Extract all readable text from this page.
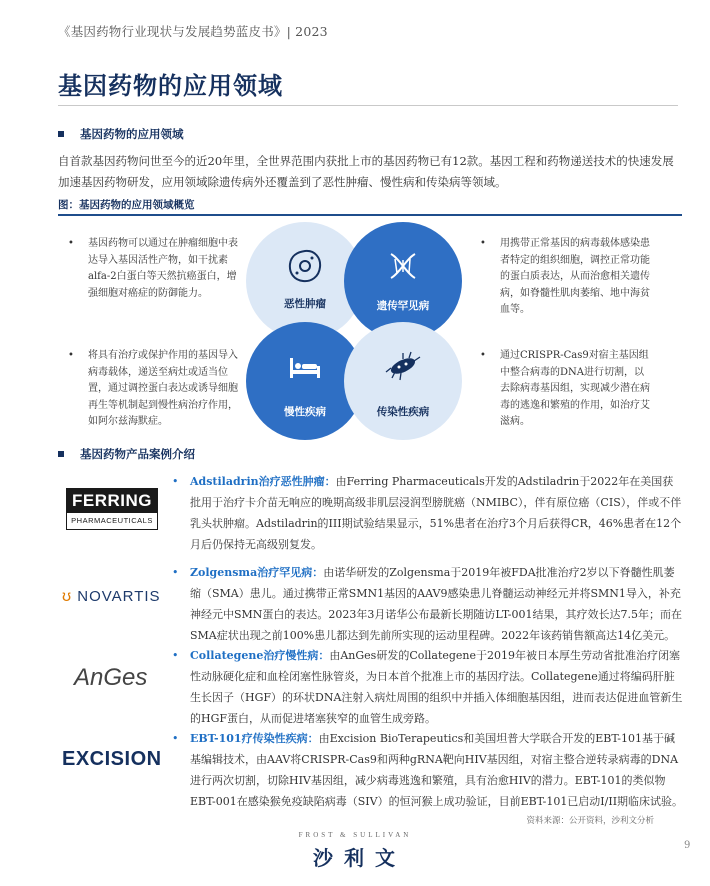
《基因药物行业现状与发展趋势蓝皮书》| 2023
基因药物的应用领域
基因药物的应用领域
自首款基因药物问世至今的近20年里，全世界范围内获批上市的基因药物已有12款。基因工程和药物递送技术的快速发展加速基因药物研发，应用领域除遗传病外还覆盖到了恶性肿瘤、慢性病和传染病等领域。
图：基因药物的应用领域概览
• 基因药物可以通过在肿瘤细胞中表达导入基因活性产物，如干扰素alfa-2白蛋白等天然抗癌蛋白，增强细胞对癌症的防御能力。
• 将具有治疗或保护作用的基因导入病毒载体，递送至病灶或适当位置，通过调控蛋白表达或诱导细胞再生等机制起到慢性病治疗作用，如阿尔兹海默症。
• 用携带正常基因的病毒载体感染患者特定的组织细胞，调控正常功能的蛋白质表达，从而治愈相关遗传病，如脊髓性肌肉萎缩、地中海贫血等。
• 通过CRISPR-Cas9对宿主基因组中整合病毒的DNA进行切割，以去除病毒基因组，实现减少潜在病毒的逃逸和繁殖的作用，如治疗艾滋病。
恶性肿瘤	遗传罕见病
慢性疾病	传染性疾病
基因药物产品案例介绍
FERRING
PHARMACEUTICALS
ʊ NOVARTIS
AnGes
EXCISION
• Adstiladrin治疗恶性肿瘤：由Ferring Pharmaceuticals开发的Adstiladrin于2022年在美国获批用于治疗卡介苗无响应的晚期高级非肌层浸润型膀胱癌（NMIBC），伴有原位癌（CIS），伴或不伴乳头状肿瘤。Adstiladrin的III期试验结果显示，51%患者在治疗3个月后获得CR，46%患者在12个月后仍保持无高级别复发。
• Zolgensma治疗罕见病：由诺华研发的Zolgensma于2019年被FDA批准治疗2岁以下脊髓性肌萎缩（SMA）患儿。通过携带正常SMN1基因的AAV9感染患儿脊髓运动神经元并将SMN1导入，补充神经元中SMN蛋白的表达。2023年3月诺华公布最新长期随访LT-001结果，其疗效长达7.5年；而在SMA症状出现之前100%患儿都达到先前所实现的运动里程碑。2022年该药销售额高达14亿美元。
• Collategene治疗慢性病：由AnGes研发的Collategene于2019年被日本厚生劳动省批准治疗闭塞性动脉硬化症和血栓闭塞性脉管炎，为日本首个批准上市的基因疗法。Collategene通过将编码肝脏生长因子（HGF）的环状DNA注射入病灶周围的组织中并插入体细胞基因组，进而表达促进血管新生的HGF蛋白，从而促进堵塞狭窄的血管生成旁路。
• EBT-101疗传染性疾病：由Excision BioTerapeutics和美国坦普大学联合开发的EBT-101基于碱基编辑技术，由AAV将CRISPR-Cas9和两种gRNA靶向HIV基因组，对宿主整合逆转录病毒的DNA进行两次切割，切除HIV基因组，减少病毒逃逸和繁殖，具有治愈HIV的潜力。EBT-101的类似物EBT-001在感染猴免疫缺陷病毒（SIV）的恒河猴上成功验证，目前EBT-101已启动I/II期临床试验。
资料来源：公开资料，沙利文分析
FROST & SULLIVAN
沙 利 文
9
